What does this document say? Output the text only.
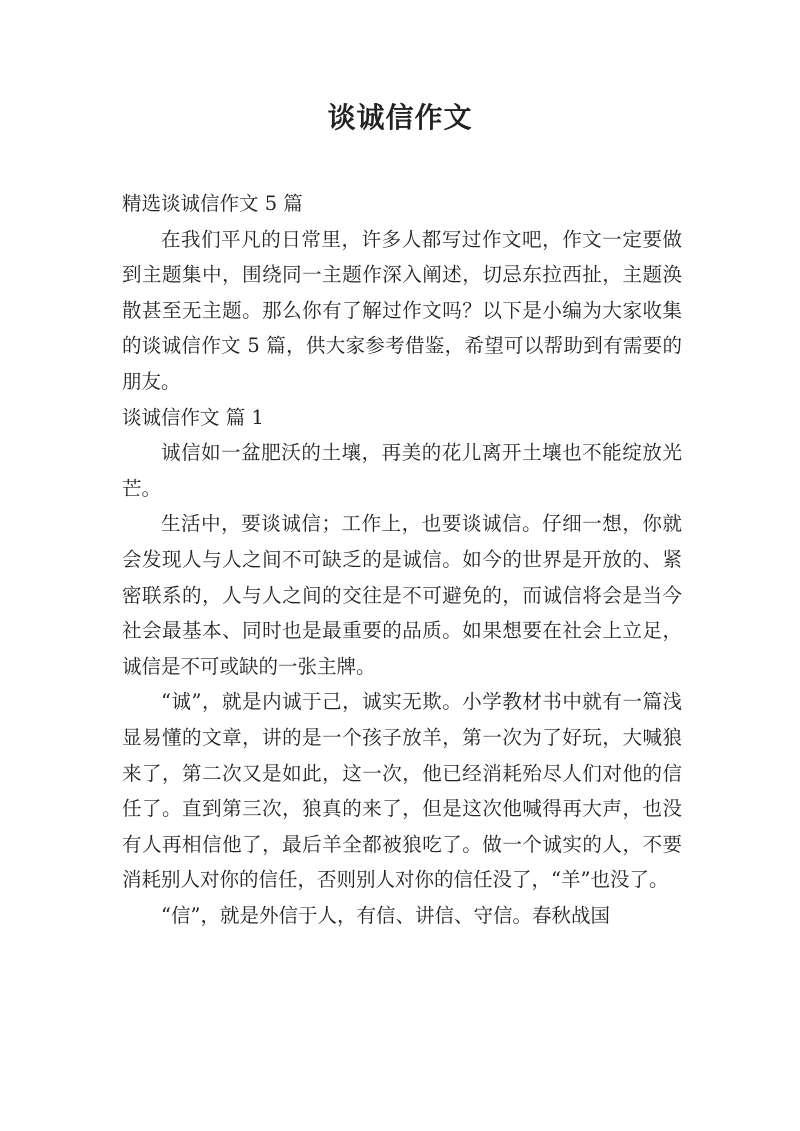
谈诚信作文

精选谈诚信作文 5 篇

在我们平凡的日常里，许多人都写过作文吧，作文一定要做到主题集中，围绕同一主题作深入阐述，切忌东拉西扯，主题涣散甚至无主题。那么你有了解过作文吗？以下是小编为大家收集的谈诚信作文 5 篇，供大家参考借鉴，希望可以帮助到有需要的朋友。

谈诚信作文 篇 1

诚信如一盆肥沃的土壤，再美的花儿离开土壤也不能绽放光芒。

生活中，要谈诚信；工作上，也要谈诚信。仔细一想，你就会发现人与人之间不可缺乏的是诚信。如今的世界是开放的、紧密联系的，人与人之间的交往是不可避免的，而诚信将会是当今社会最基本、同时也是最重要的品质。如果想要在社会上立足，诚信是不可或缺的一张主牌。

“诚”，就是内诚于己，诚实无欺。小学教材书中就有一篇浅显易懂的文章，讲的是一个孩子放羊，第一次为了好玩，大喊狼来了，第二次又是如此，这一次，他已经消耗殆尽人们对他的信任了。直到第三次，狼真的来了，但是这次他喊得再大声，也没有人再相信他了，最后羊全都被狼吃了。做一个诚实的人，不要消耗别人对你的信任，否则别人对你的信任没了，“羊”也没了。

“信”，就是外信于人，有信、讲信、守信。春秋战国
